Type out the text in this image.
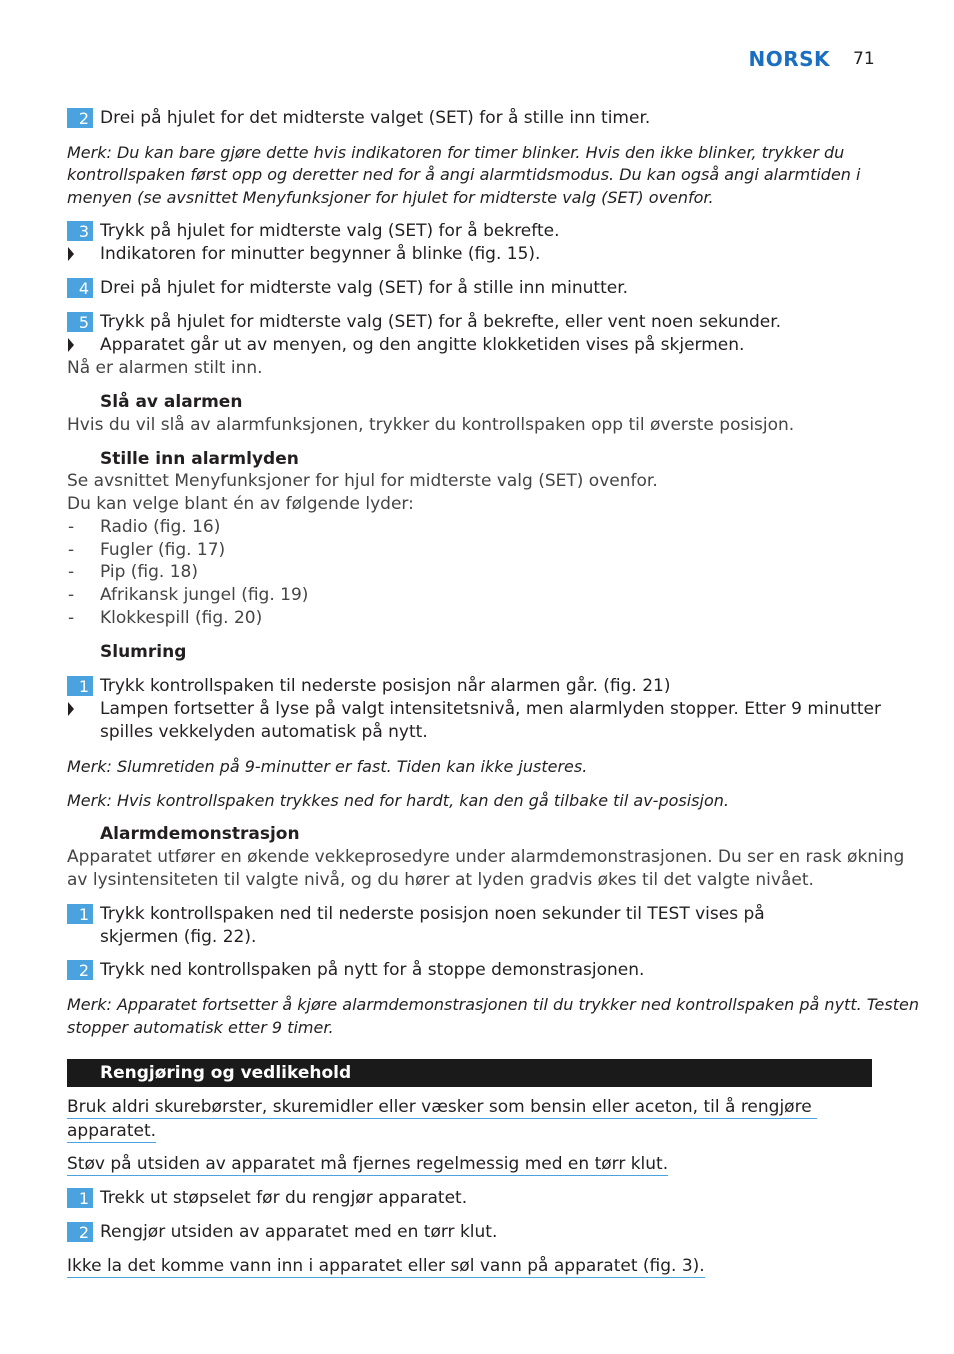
NORSK 71
2 Drei på hjulet for det midterste valget (SET) for å stille inn timer.
Merk: Du kan bare gjøre dette hvis indikatoren for timer blinker. Hvis den ikke blinker, trykker du
kontrollspaken først opp og deretter ned for å angi alarmtidsmodus. Du kan også angi alarmtiden i
menyen (se avsnittet Menyfunksjoner for hjulet for midterste valg (SET) ovenfor.
3 Trykk på hjulet for midterste valg (SET) for å bekrefte.
Indikatoren for minutter begynner å blinke (fig. 15).
4 Drei på hjulet for midterste valg (SET) for å stille inn minutter.
5 Trykk på hjulet for midterste valg (SET) for å bekrefte, eller vent noen sekunder.
Apparatet går ut av menyen, og den angitte klokketiden vises på skjermen.
Nå er alarmen stilt inn.
Slå av alarmen
Hvis du vil slå av alarmfunksjonen, trykker du kontrollspaken opp til øverste posisjon.
Stille inn alarmlyden
Se avsnittet Menyfunksjoner for hjul for midterste valg (SET) ovenfor.
Du kan velge blant én av følgende lyder:
- Radio (fig. 16)
- Fugler (fig. 17)
- Pip (fig. 18)
- Afrikansk jungel (fig. 19)
- Klokkespill (fig. 20)
Slumring
1 Trykk kontrollspaken til nederste posisjon når alarmen går. (fig. 21)
Lampen fortsetter å lyse på valgt intensitetsnivå, men alarmlyden stopper. Etter 9 minutter
spilles vekkelyden automatisk på nytt.
Merk: Slumretiden på 9-minutter er fast. Tiden kan ikke justeres.
Merk: Hvis kontrollspaken trykkes ned for hardt, kan den gå tilbake til av-posisjon.
Alarmdemonstrasjon
Apparatet utfører en økende vekkeprosedyre under alarmdemonstrasjonen. Du ser en rask økning
av lysintensiteten til valgte nivå, og du hører at lyden gradvis økes til det valgte nivået.
1 Trykk kontrollspaken ned til nederste posisjon noen sekunder til TEST vises på
skjermen (fig. 22).
2 Trykk ned kontrollspaken på nytt for å stoppe demonstrasjonen.
Merk: Apparatet fortsetter å kjøre alarmdemonstrasjonen til du trykker ned kontrollspaken på nytt. Testen
stopper automatisk etter 9 timer.
Rengjøring og vedlikehold
Bruk aldri skurebørster, skuremidler eller væsker som bensin eller aceton, til å rengjøre
apparatet.
Støv på utsiden av apparatet må fjernes regelmessig med en tørr klut.
1 Trekk ut støpselet før du rengjør apparatet.
2 Rengjør utsiden av apparatet med en tørr klut.
Ikke la det komme vann inn i apparatet eller søl vann på apparatet (fig. 3).
